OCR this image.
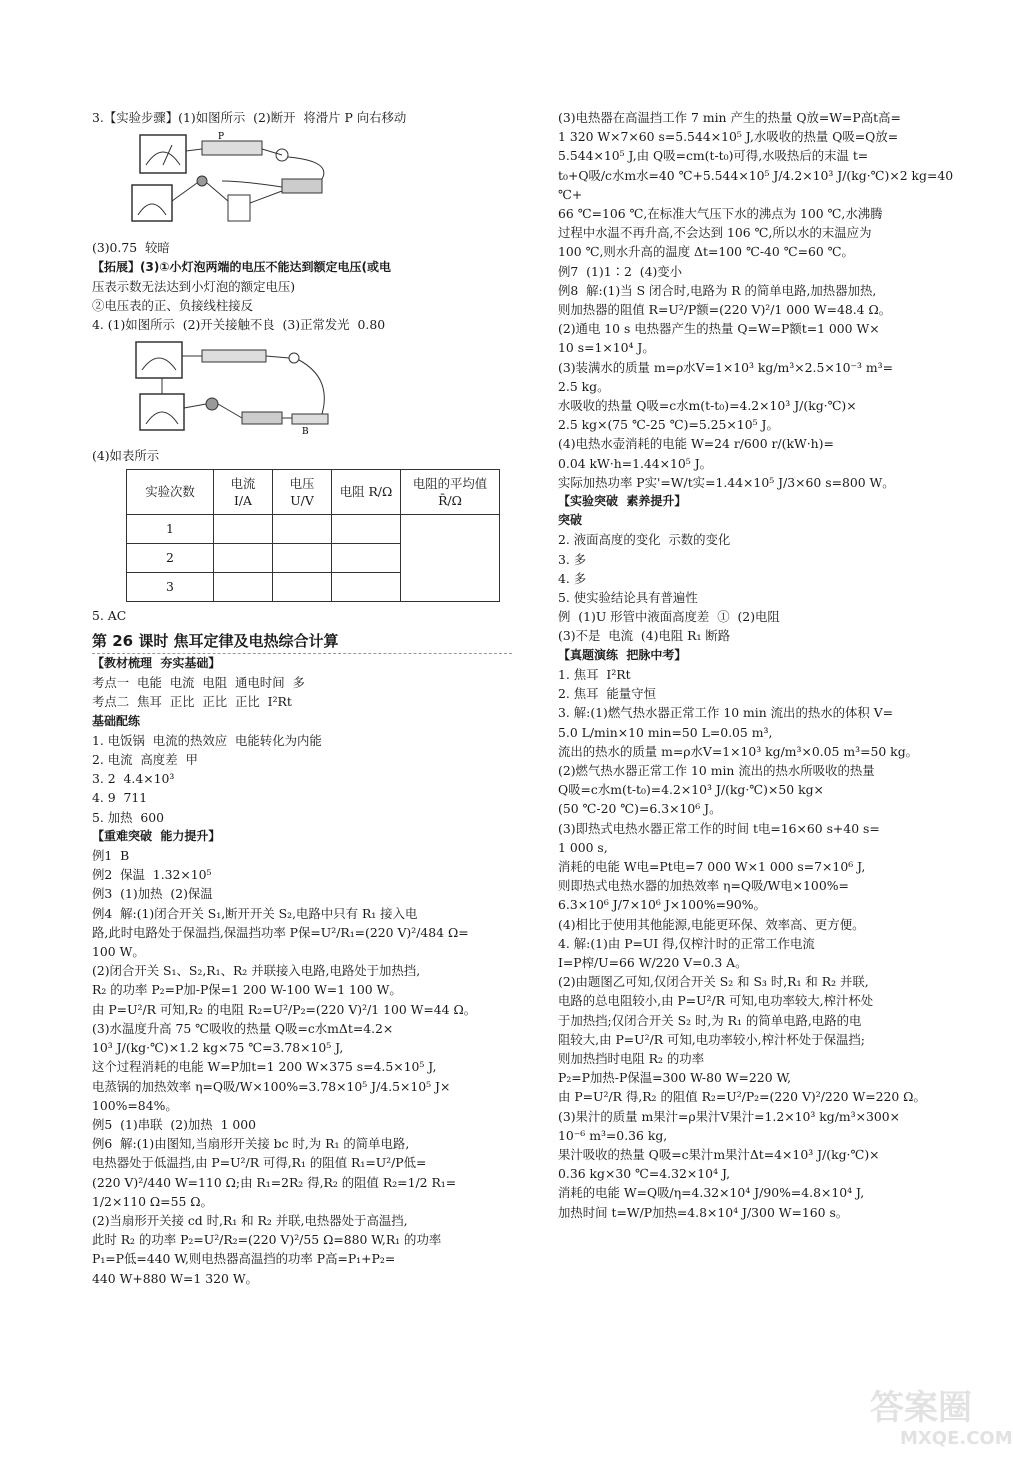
3.【实验步骤】(1)如图所示  (2)断开  将滑片 P 向右移动
P
(3)0.75  较暗
【拓展】(3)①小灯泡两端的电压不能达到额定电压(或电
压表示数无法达到小灯泡的额定电压)
②电压表的正、负接线柱接反
4. (1)如图所示  (2)开关接触不良  (3)正常发光  0.80
B
(4)如表所示
实验次数	电流 I/A	电压 U/V	电阻 R/Ω	电阻的平均值R̄/Ω
1				
2				
3				
5. AC
第 26 课时 焦耳定律及电热综合计算
【教材梳理  夯实基础】
考点一  电能  电流  电阻  通电时间  多
考点二  焦耳  正比  正比  正比  I²Rt
基础配练
1. 电饭锅  电流的热效应  电能转化为内能
2. 电流  高度差  甲
3. 2  4.4×10³
4. 9  711
5. 加热  600
【重难突破  能力提升】
例1  B
例2  保温  1.32×10⁵
例3  (1)加热  (2)保温
例4  解:(1)闭合开关 S₁,断开开关 S₂,电路中只有 R₁ 接入电
路,此时电路处于保温挡,保温挡功率 P保=U²/R₁=(220 V)²/484 Ω=
100 W。
(2)闭合开关 S₁、S₂,R₁、R₂ 并联接入电路,电路处于加热挡,
R₂ 的功率 P₂=P加-P保=1 200 W-100 W=1 100 W。
由 P=U²/R 可知,R₂ 的电阻 R₂=U²/P₂=(220 V)²/1 100 W=44 Ω。
(3)水温度升高 75 ℃吸收的热量 Q吸=c水mΔt=4.2×
10³ J/(kg·℃)×1.2 kg×75 ℃=3.78×10⁵ J,
这个过程消耗的电能 W=P加t=1 200 W×375 s=4.5×10⁵ J,
电蒸锅的加热效率 η=Q吸/W×100%=3.78×10⁵ J/4.5×10⁵ J×
100%=84%。
例5  (1)串联  (2)加热  1 000
例6  解:(1)由图知,当扇形开关接 bc 时,为 R₁ 的简单电路,
电热器处于低温挡,由 P=U²/R 可得,R₁ 的阻值 R₁=U²/P低=
(220 V)²/440 W=110 Ω;由 R₁=2R₂ 得,R₂ 的阻值 R₂=1/2 R₁=
1/2×110 Ω=55 Ω。
(2)当扇形开关接 cd 时,R₁ 和 R₂ 并联,电热器处于高温挡,
此时 R₂ 的功率 P₂=U²/R₂=(220 V)²/55 Ω=880 W,R₁ 的功率
P₁=P低=440 W,则电热器高温挡的功率 P高=P₁+P₂=
440 W+880 W=1 320 W。
(3)电热器在高温挡工作 7 min 产生的热量 Q放=W=P高t高=
1 320 W×7×60 s=5.544×10⁵ J,水吸收的热量 Q吸=Q放=
5.544×10⁵ J,由 Q吸=cm(t-t₀)可得,水吸热后的末温 t=
t₀+Q吸/c水m水=40 ℃+5.544×10⁵ J/4.2×10³ J/(kg·℃)×2 kg=40 ℃+
66 ℃=106 ℃,在标准大气压下水的沸点为 100 ℃,水沸腾
过程中水温不再升高,不会达到 106 ℃,所以水的末温应为
100 ℃,则水升高的温度 Δt=100 ℃-40 ℃=60 ℃。
例7  (1)1∶2  (4)变小
例8  解:(1)当 S 闭合时,电路为 R 的简单电路,加热器加热,
则加热器的阻值 R=U²/P额=(220 V)²/1 000 W=48.4 Ω。
(2)通电 10 s 电热器产生的热量 Q=W=P额t=1 000 W×
10 s=1×10⁴ J。
(3)装满水的质量 m=ρ水V=1×10³ kg/m³×2.5×10⁻³ m³=
2.5 kg。
水吸收的热量 Q吸=c水m(t-t₀)=4.2×10³ J/(kg·℃)×
2.5 kg×(75 ℃-25 ℃)=5.25×10⁵ J。
(4)电热水壶消耗的电能 W=24 r/600 r/(kW·h)=
0.04 kW·h=1.44×10⁵ J。
实际加热功率 P实'=W/t实=1.44×10⁵ J/3×60 s=800 W。
【实验突破  素养提升】
突破
2. 液面高度的变化  示数的变化
3. 多
4. 多
5. 使实验结论具有普遍性
例  (1)U 形管中液面高度差  ①  (2)电阻
(3)不是  电流  (4)电阻 R₁ 断路
【真题演练  把脉中考】
1. 焦耳  I²Rt
2. 焦耳  能量守恒
3. 解:(1)燃气热水器正常工作 10 min 流出的热水的体积 V=
5.0 L/min×10 min=50 L=0.05 m³,
流出的热水的质量 m=ρ水V=1×10³ kg/m³×0.05 m³=50 kg。
(2)燃气热水器正常工作 10 min 流出的热水所吸收的热量
Q吸=c水m(t-t₀)=4.2×10³ J/(kg·℃)×50 kg×
(50 ℃-20 ℃)=6.3×10⁶ J。
(3)即热式电热水器正常工作的时间 t电=16×60 s+40 s=
1 000 s,
消耗的电能 W电=Pt电=7 000 W×1 000 s=7×10⁶ J,
则即热式电热水器的加热效率 η=Q吸/W电×100%=
6.3×10⁶ J/7×10⁶ J×100%=90%。
(4)相比于使用其他能源,电能更环保、效率高、更方便。
4. 解:(1)由 P=UI 得,仅榨汁时的正常工作电流
I=P榨/U=66 W/220 V=0.3 A。
(2)由题图乙可知,仅闭合开关 S₂ 和 S₃ 时,R₁ 和 R₂ 并联,
电路的总电阻较小,由 P=U²/R 可知,电功率较大,榨汁杯处
于加热挡;仅闭合开关 S₂ 时,为 R₁ 的简单电路,电路的电
阻较大,由 P=U²/R 可知,电功率较小,榨汁杯处于保温挡;
则加热挡时电阻 R₂ 的功率
P₂=P加热-P保温=300 W-80 W=220 W,
由 P=U²/R 得,R₂ 的阻值 R₂=U²/P₂=(220 V)²/220 W=220 Ω。
(3)果汁的质量 m果汁=ρ果汁V果汁=1.2×10³ kg/m³×300×
10⁻⁶ m³=0.36 kg,
果汁吸收的热量 Q吸=c果汁m果汁Δt=4×10³ J/(kg·℃)×
0.36 kg×30 ℃=4.32×10⁴ J,
消耗的电能 W=Q吸/η=4.32×10⁴ J/90%=4.8×10⁴ J,
加热时间 t=W/P加热=4.8×10⁴ J/300 W=160 s。
答案圈
MXQE.COM
